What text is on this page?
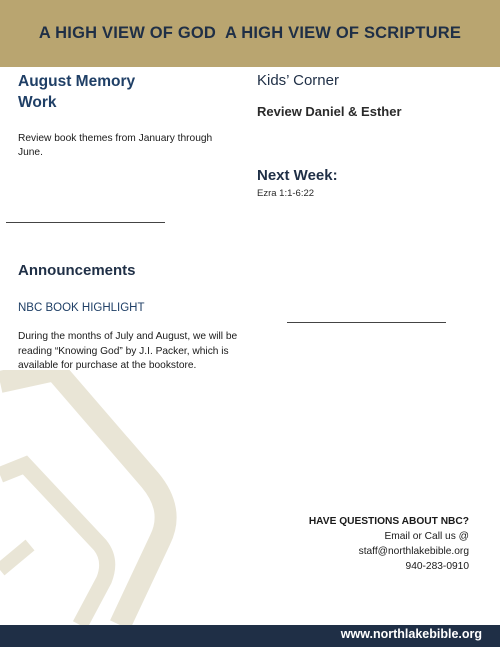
A HIGH VIEW OF GOD  A HIGH VIEW OF SCRIPTURE
August Memory
Work
Review book themes from January through June.
Kids’ Corner
Review Daniel & Esther
Next Week:
Ezra 1:1-6:22
Announcements
NBC BOOK HIGHLIGHT
During the months of July and August, we will be reading “Knowing God” by J.I. Packer, which is available for purchase at the bookstore.
HAVE QUESTIONS ABOUT NBC?
Email or Call us @
staff@northlakebible.org
940-283-0910
www.northlakebible.org
